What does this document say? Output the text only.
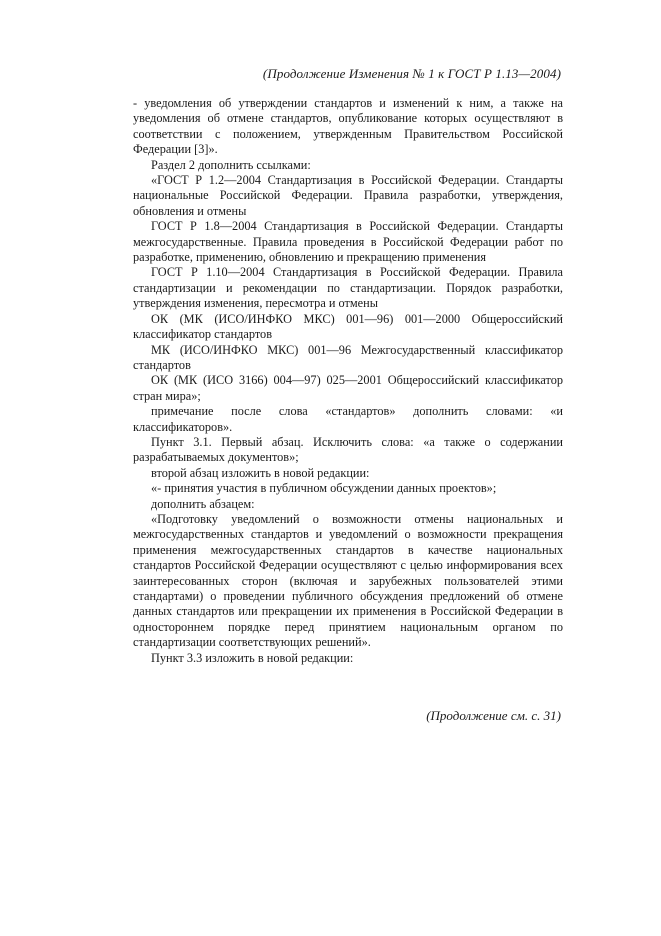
(Продолжение Изменения № 1 к ГОСТ Р 1.13—2004)

- уведомления об утверждении стандартов и изменений к ним, а также на уведомления об отмене стандартов, опубликование которых осуществляют в соответствии с положением, утвержденным Правительством Российской Федерации [3]».

Раздел 2 дополнить ссылками:

«ГОСТ Р 1.2—2004 Стандартизация в Российской Федерации. Стандарты национальные Российской Федерации. Правила разработки, утверждения, обновления и отмены

ГОСТ Р 1.8—2004 Стандартизация в Российской Федерации. Стандарты межгосударственные. Правила проведения в Российской Федерации работ по разработке, применению, обновлению и прекращению применения

ГОСТ Р 1.10—2004 Стандартизация в Российской Федерации. Правила стандартизации и рекомендации по стандартизации. Порядок разработки, утверждения изменения, пересмотра и отмены

ОК (МК (ИСО/ИНФКО МКС) 001—96) 001—2000 Общероссийский классификатор стандартов

МК (ИСО/ИНФКО МКС) 001—96 Межгосударственный классификатор стандартов

ОК (МК (ИСО 3166) 004—97) 025—2001 Общероссийский классификатор стран мира»;

примечание после слова «стандартов» дополнить словами: «и классификаторов».

Пункт 3.1. Первый абзац. Исключить слова: «а также о содержании разрабатываемых документов»;

второй абзац изложить в новой редакции:

«- принятия участия в публичном обсуждении данных проектов»;

дополнить абзацем:

«Подготовку уведомлений о возможности отмены национальных и межгосударственных стандартов и уведомлений о возможности прекращения применения межгосударственных стандартов в качестве национальных стандартов Российской Федерации осуществляют с целью информирования всех заинтересованных сторон (включая и зарубежных пользователей этими стандартами) о проведении публичного обсуждения предложений об отмене данных стандартов или прекращении их применения в Российской Федерации в одностороннем порядке перед принятием национальным органом по стандартизации соответствующих решений».

Пункт 3.3 изложить в новой редакции:

(Продолжение см. с. 31)
